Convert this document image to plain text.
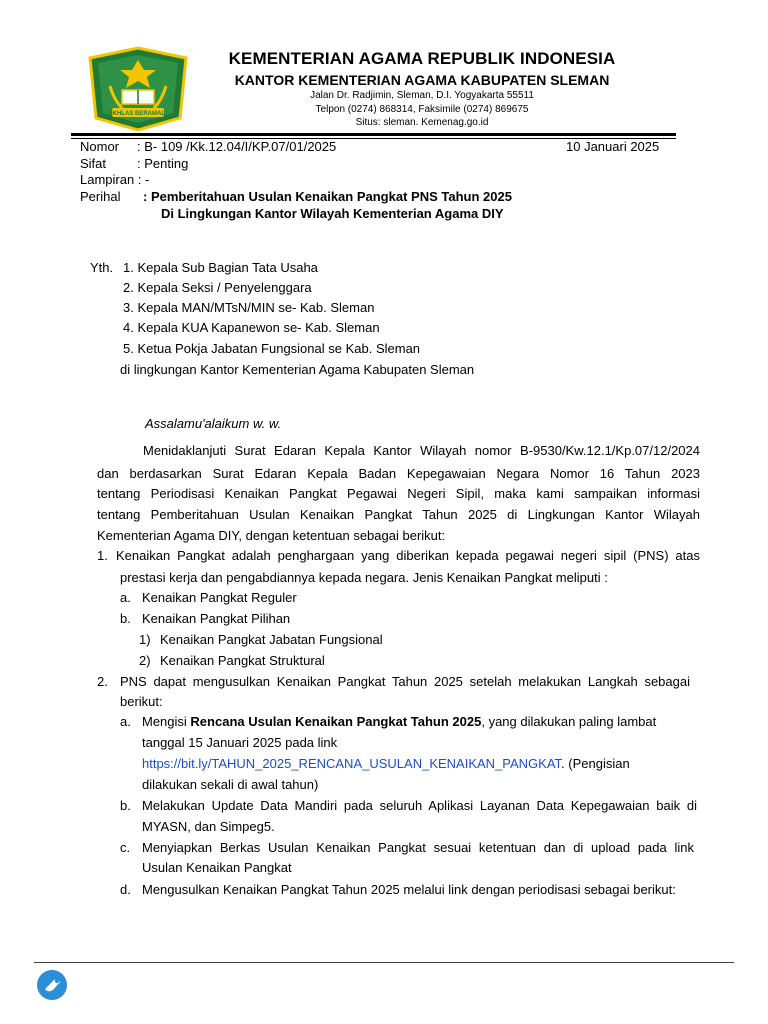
IKHLAS BERAMAL
KEMENTERIAN AGAMA REPUBLIK INDONESIA
KANTOR KEMENTERIAN AGAMA KABUPATEN SLEMAN
Jalan Dr. Radjimin, Sleman, D.I. Yogyakarta 55511
Telpon (0274) 868314, Faksimile (0274) 869675
Situs: sleman. Kemenag.go.id
Nomor : B- 109 /Kk.12.04/I/KP.07/01/2025	10 Januari 2025
Sifat : Penting
Lampiran : -
Perihal : Pemberitahuan Usulan Kenaikan Pangkat PNS Tahun 2025
Di Lingkungan Kantor Wilayah Kementerian Agama DIY
Yth. 1. Kepala Sub Bagian Tata Usaha
2. Kepala Seksi / Penyelenggara
3. Kepala MAN/MTsN/MIN se- Kab. Sleman
4. Kepala KUA Kapanewon se- Kab. Sleman
5. Ketua Pokja Jabatan Fungsional se Kab. Sleman
di lingkungan Kantor Kementerian Agama Kabupaten Sleman
Assalamu'alaikum w. w.
Menidaklanjuti Surat Edaran Kepala Kantor Wilayah nomor B-9530/Kw.12.1/Kp.07/12/2024
dan berdasarkan Surat Edaran Kepala Badan Kepegawaian Negara Nomor 16 Tahun 2023
tentang Periodisasi Kenaikan Pangkat Pegawai Negeri Sipil, maka kami sampaikan informasi
tentang Pemberitahuan Usulan Kenaikan Pangkat Tahun 2025 di Lingkungan Kantor Wilayah
Kementerian Agama DIY, dengan ketentuan sebagai berikut:
1. Kenaikan Pangkat adalah penghargaan yang diberikan kepada pegawai negeri sipil (PNS) atas
prestasi kerja dan pengabdiannya kepada negara. Jenis Kenaikan Pangkat meliputi :
a. Kenaikan Pangkat Reguler
b. Kenaikan Pangkat Pilihan
1) Kenaikan Pangkat Jabatan Fungsional
2) Kenaikan Pangkat Struktural
2. PNS dapat mengusulkan Kenaikan Pangkat Tahun 2025 setelah melakukan Langkah sebagai
berikut:
a. Mengisi Rencana Usulan Kenaikan Pangkat Tahun 2025, yang dilakukan paling lambat
tanggal 15 Januari 2025 pada link
https://bit.ly/TAHUN_2025_RENCANA_USULAN_KENAIKAN_PANGKAT. (Pengisian
dilakukan sekali di awal tahun)
b. Melakukan Update Data Mandiri pada seluruh Aplikasi Layanan Data Kepegawaian baik di
MYASN, dan Simpeg5.
c. Menyiapkan Berkas Usulan Kenaikan Pangkat sesuai ketentuan dan di upload pada link
Usulan Kenaikan Pangkat
d. Mengusulkan Kenaikan Pangkat Tahun 2025 melalui link dengan periodisasi sebagai berikut:
